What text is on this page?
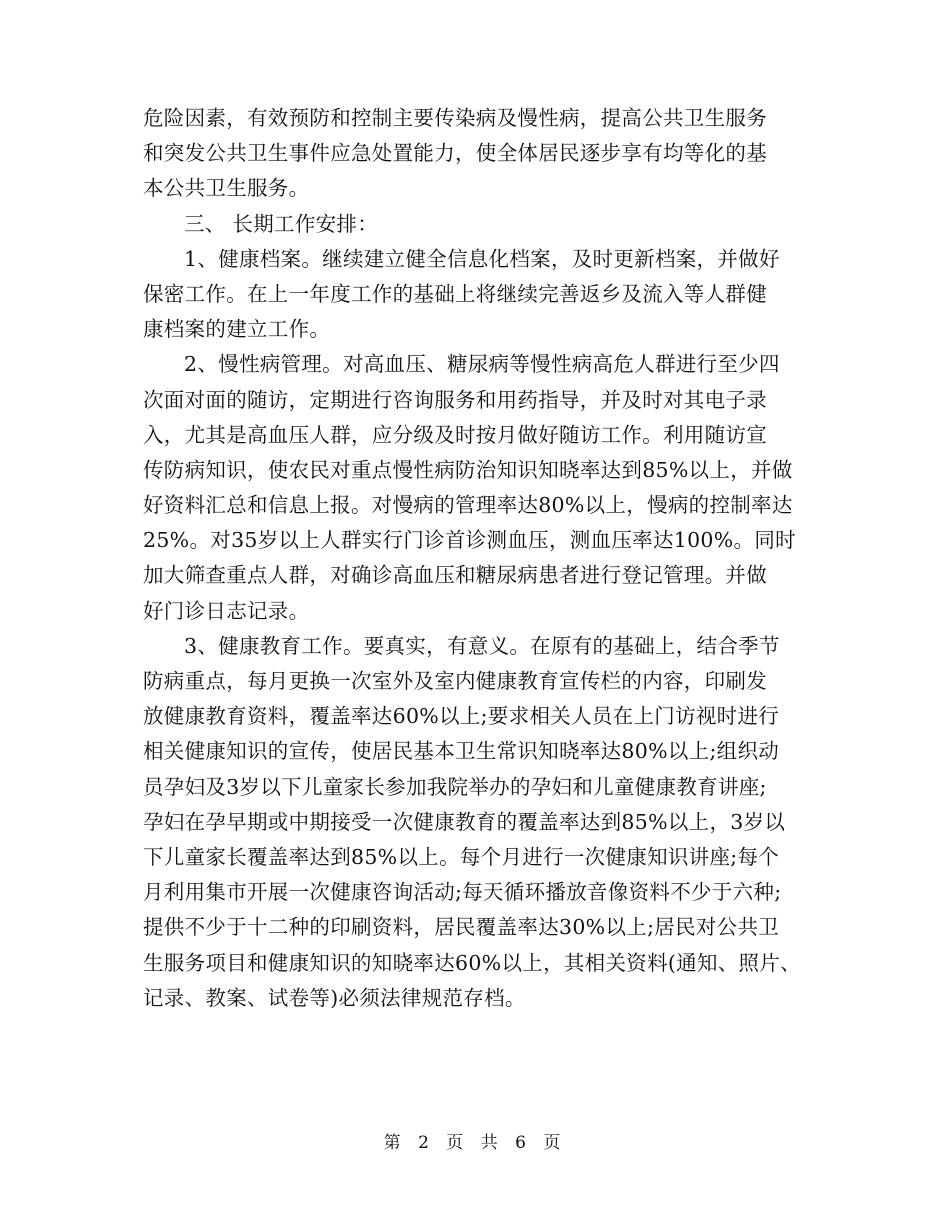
危险因素，有效预防和控制主要传染病及慢性病，提高公共卫生服务
和突发公共卫生事件应急处置能力，使全体居民逐步享有均等化的基
本公共卫生服务。
三、 长期工作安排：
1、健康档案。继续建立健全信息化档案，及时更新档案，并做好
保密工作。在上一年度工作的基础上将继续完善返乡及流入等人群健
康档案的建立工作。
2、慢性病管理。对高血压、糖尿病等慢性病高危人群进行至少四
次面对面的随访，定期进行咨询服务和用药指导，并及时对其电子录
入，尤其是高血压人群，应分级及时按月做好随访工作。利用随访宣
传防病知识，使农民对重点慢性病防治知识知晓率达到85%以上，并做
好资料汇总和信息上报。对慢病的管理率达80%以上，慢病的控制率达
25%。对35岁以上人群实行门诊首诊测血压，测血压率达100%。同时
加大筛查重点人群，对确诊高血压和糖尿病患者进行登记管理。并做
好门诊日志记录。
3、健康教育工作。要真实，有意义。在原有的基础上，结合季节
防病重点，每月更换一次室外及室内健康教育宣传栏的内容，印刷发
放健康教育资料，覆盖率达60%以上;要求相关人员在上门访视时进行
相关健康知识的宣传，使居民基本卫生常识知晓率达80%以上;组织动
员孕妇及3岁以下儿童家长参加我院举办的孕妇和儿童健康教育讲座;
孕妇在孕早期或中期接受一次健康教育的覆盖率达到85%以上，3岁以
下儿童家长覆盖率达到85%以上。每个月进行一次健康知识讲座;每个
月利用集市开展一次健康咨询活动;每天循环播放音像资料不少于六种;
提供不少于十二种的印刷资料，居民覆盖率达30%以上;居民对公共卫
生服务项目和健康知识的知晓率达60%以上，其相关资料(通知、照片、
记录、教案、试卷等)必须法律规范存档。
第 2 页 共 6 页
